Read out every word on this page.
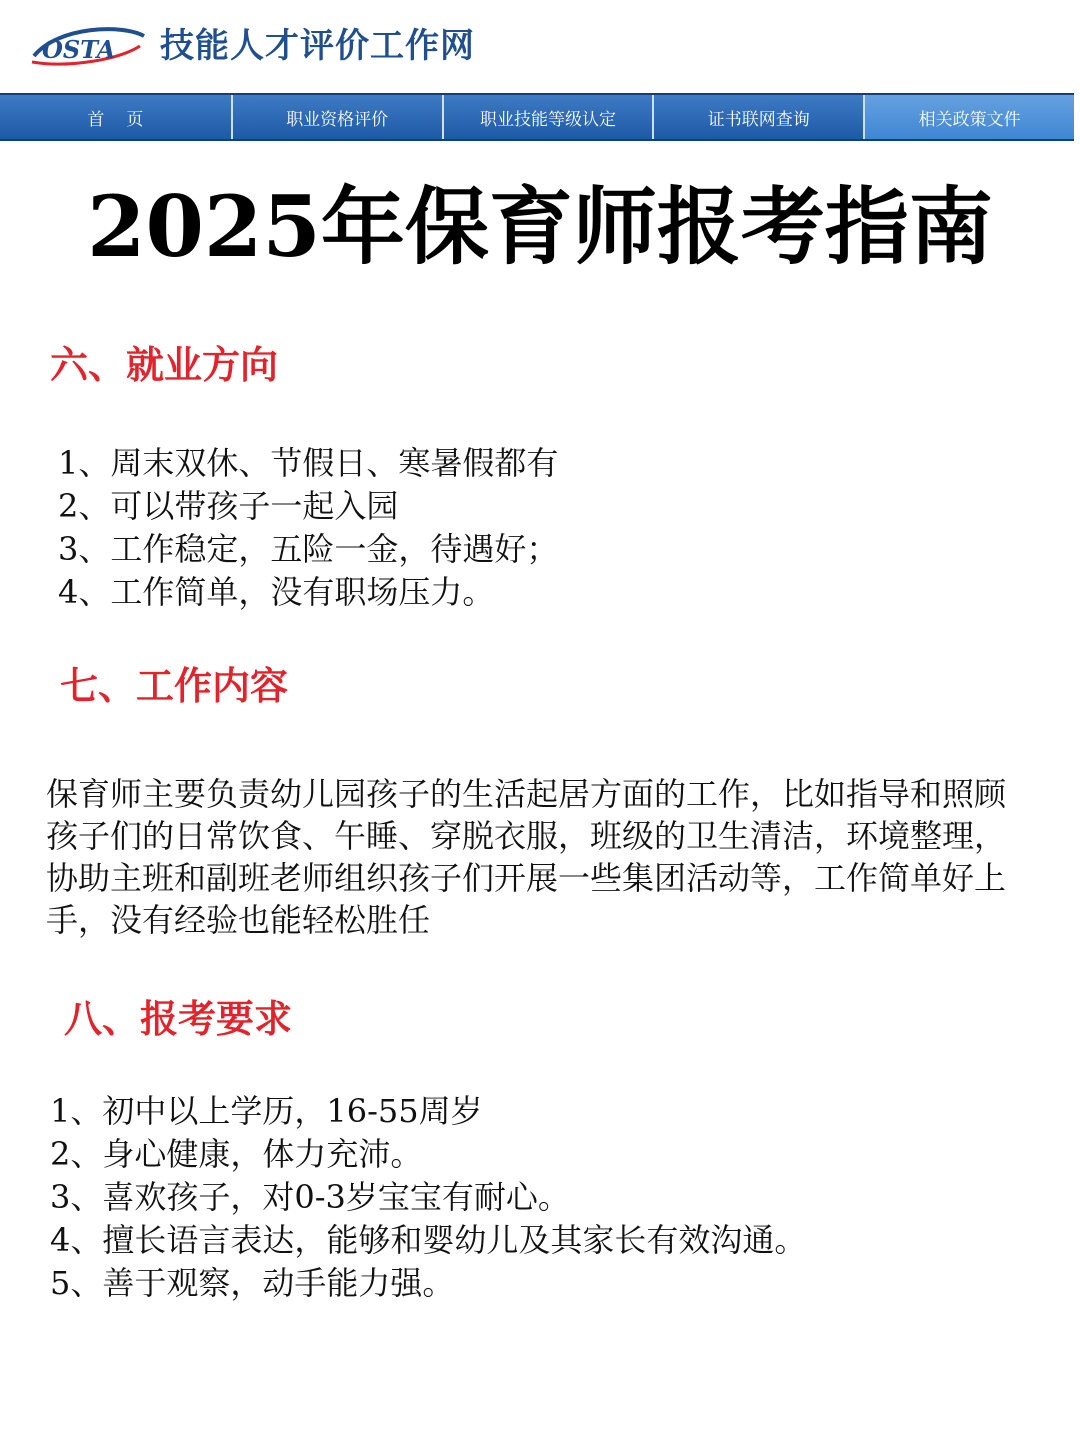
OSTA 技能人才评价工作网
首页	职业资格评价	职业技能等级认定	证书联网查询	相关政策文件
2025年保育师报考指南
六、就业方向
1、周末双休、节假日、寒暑假都有
2、可以带孩子一起入园
3、工作稳定，五险一金，待遇好；
4、工作简单，没有职场压力。
七、工作内容

保育师主要负责幼儿园孩子的生活起居方面的工作，比如指导和照顾孩子们的日常饮食、午睡、穿脱衣服，班级的卫生清洁，环境整理，协助主班和副班老师组织孩子们开展一些集团活动等，工作简单好上手，没有经验也能轻松胜任

八、报考要求
1、初中以上学历，16-55周岁
2、身心健康，体力充沛。
3、喜欢孩子，对0-3岁宝宝有耐心。
4、擅长语言表达，能够和婴幼儿及其家长有效沟通。
5、善于观察，动手能力强。
